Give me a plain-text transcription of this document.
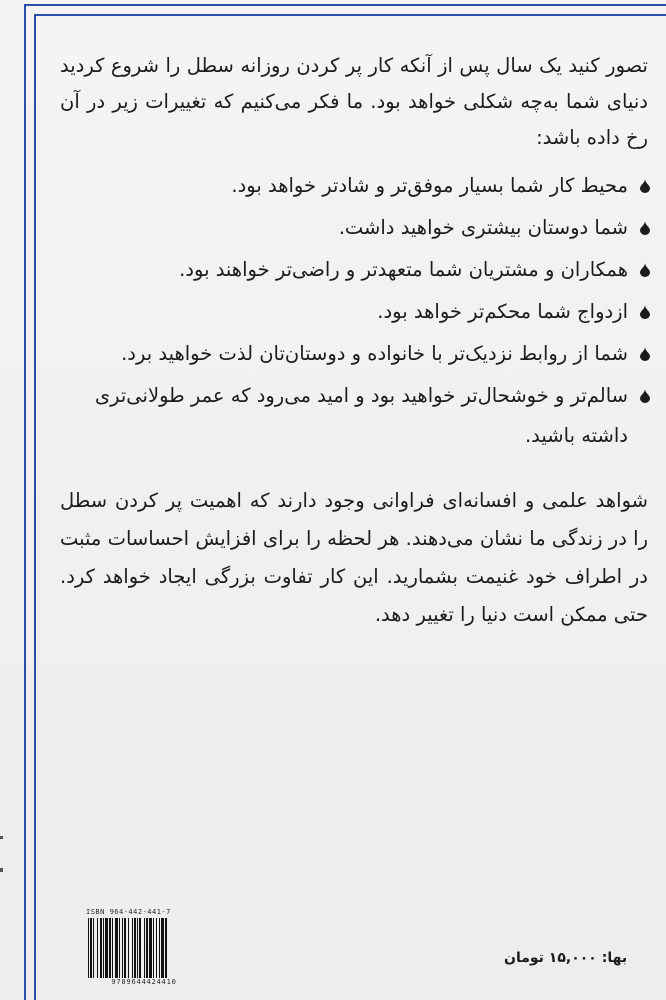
تصور کنید یک سال پس از آنکه کار پر کردن روزانه سطل را شروع کردید دنیای شما به‌چه شکلی خواهد بود. ما فکر می‌کنیم که تغییرات زیر در آن رخ داده باشد:

محیط کار شما بسیار موفق‌تر و شادتر خواهد بود.
شما دوستان بیشتری خواهید داشت.
همکاران و مشتریان شما متعهدتر و راضی‌تر خواهند بود.
ازدواج شما محکم‌تر خواهد بود.
شما از روابط نزدیک‌تر با خانواده و دوستان‌تان لذت خواهید برد.
سالم‌تر و خوشحال‌تر خواهید بود و امید می‌رود که عمر طولانی‌تری داشته باشید.

شواهد علمی و افسانه‌ای فراوانی وجود دارند که اهمیت پر کردن سطل را در زندگی ما نشان می‌دهند. هر لحظه را برای افزایش احساسات مثبت در اطراف خود غنیمت بشمارید. این کار تفاوت بزرگی ایجاد خواهد کرد. حتی ممکن است دنیا را تغییر دهد.

ISBN 964-442-441-7
9789644424410
بها: ۱۵,۰۰۰ تومان
